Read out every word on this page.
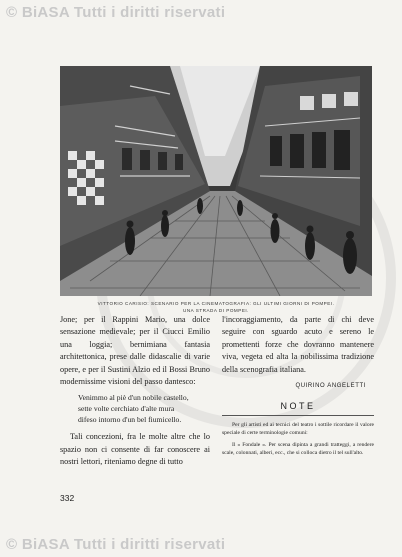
© BiASA Tutti i diritti riservati
VITTORIO CARISIO: SCENARIO PER LA CINEMATOGRAFIA: GLI ULTIMI GIORNI DI POMPEI.
UNA STRADA DI POMPEI.

Jone; per il Rappini Mario, una dolce sensazione medievale; per il Ciucci Emilio una loggia; bernimiana fantasia architettonica, prese dalle didascalie di varie opere, e per il Sustini Alzio ed il Bossi Bruno modernissime visioni del passo dantesco:

Venimmo al piè d'un nobile castello,
sette volte cerchiato d'alte mura
difeso intorno d'un bel fiumicello.

Tali concezioni, fra le molte altre che lo spazio non ci consente di far conoscere ai nostri lettori, ritenìamo degne di tutto

l'incoraggiamento, da parte di chi deve seguire con sguardo acuto e sereno le promettenti forze che dovranno mantenere viva, vegeta ed alta la nobilissima tradizione della scenografia italiana.

QUIRINO ANGELETTI

NOTE

Per gli artisti ed ai tecnici del teatro i sottile ricordare il valore speciale di certe terminologie comuni:

Il « Fondale ». Per scena dipinta a grandi tratteggi, a rendere scale, colonnati, alberi, ecc., che si colloca dietro il tel sull'alto.

332
© BiASA Tutti i diritti riservati
